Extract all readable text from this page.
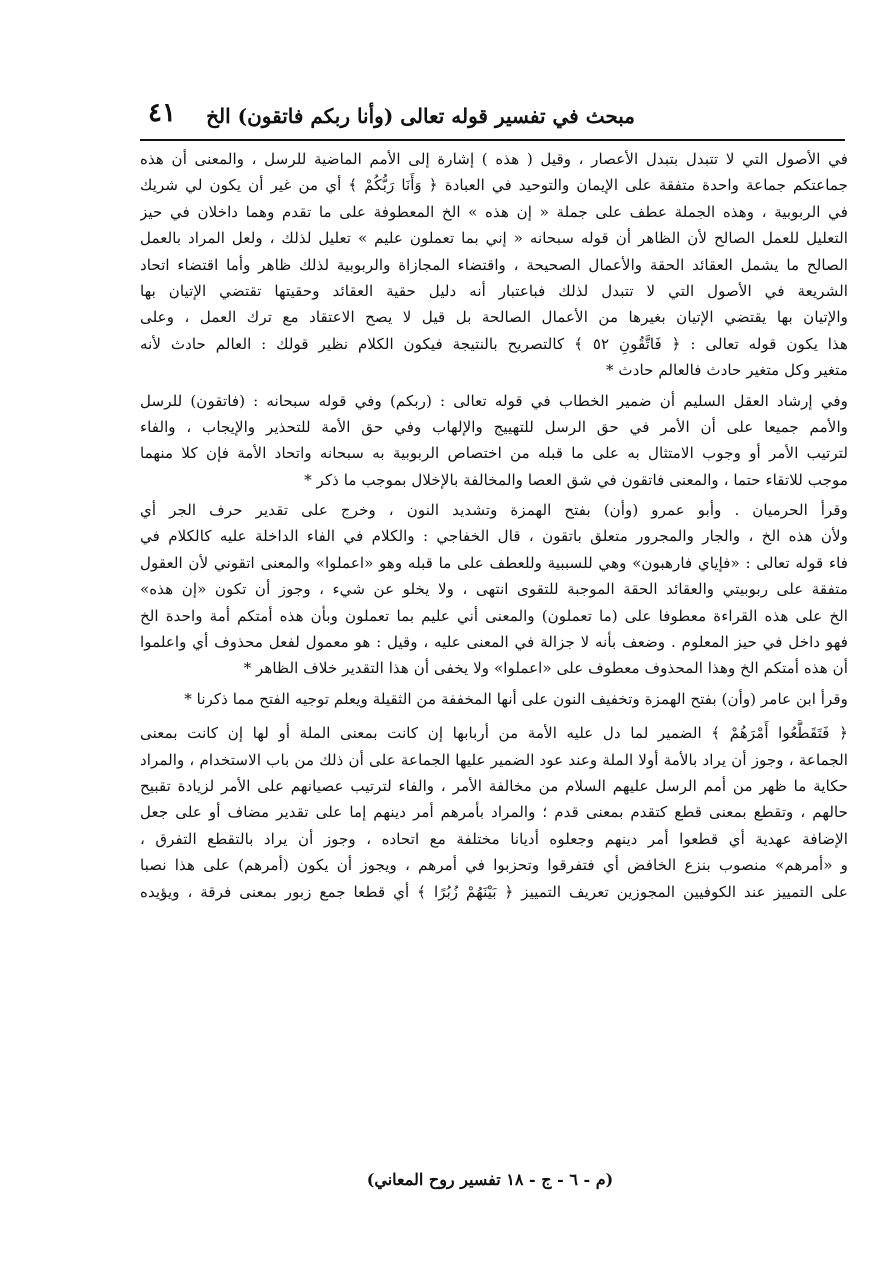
مبحث في تفسير قوله تعالى (وأنا ربكم فاتقون) الخ
٤١
في الأصول التي لا تتبدل بتبدل الأعصار ، وقيل ( هذه ) إشارة إلى الأمم الماضية للرسل ، والمعنى أن هذه
جماعتكم جماعة واحدة متفقة على الإيمان والتوحيد في العبادة ﴿ وَأَنَا رَبُّكُمْ ﴾ أي من غير أن يكون لي شريك
في الربوبية ، وهذه الجملة عطف على جملة « إن هذه » الخ المعطوفة على ما تقدم وهما داخلان في حيز
التعليل للعمل الصالح لأن الظاهر أن قوله سبحانه « إني بما تعملون عليم » تعليل لذلك ، ولعل المراد بالعمل
الصالح ما يشمل العقائد الحقة والأعمال الصحيحة ، واقتضاء المجازاة والربوبية لذلك ظاهر وأما اقتضاء اتحاد
الشريعة في الأصول التي لا تتبدل لذلك فباعتبار أنه دليل حقية العقائد وحقيتها تقتضي الإتيان بها
والإتيان بها يقتضي الإتيان بغيرها من الأعمال الصالحة بل قيل لا يصح الاعتقاد مع ترك العمل ، وعلى
هذا يكون قوله تعالى : ﴿ فَاتَّقُونِ ٥٢ ﴾ كالتصريح بالنتيجة فيكون الكلام نظير قولك : العالم حادث لأنه
متغير وكل متغير حادث فالعالم حادث *
وفي إرشاد العقل السليم أن ضمير الخطاب في قوله تعالى : (ربكم) وفي قوله سبحانه : (فاتقون) للرسل
والأمم جميعا على أن الأمر في حق الرسل للتهييج والإلهاب وفي حق الأمة للتحذير والإيجاب ، والفاء
لترتيب الأمر أو وجوب الامتثال به على ما قبله من اختصاص الربوبية به سبحانه واتحاد الأمة فإن كلا منهما
موجب للاتقاء حتما ، والمعنى فاتقون في شق العصا والمخالفة بالإخلال بموجب ما ذكر *
وقرأ الحرميان . وأبو عمرو (وأن) بفتح الهمزة وتشديد النون ، وخرج على تقدير حرف الجر أي
ولأن هذه الخ ، والجار والمجرور متعلق باتقون ، قال الخفاجي : والكلام في الفاء الداخلة عليه كالكلام في
فاء قوله تعالى : «فإياي فارهبون» وهي للسببية وللعطف على ما قبله وهو «اعملوا» والمعنى اتقوني لأن العقول
متفقة على ربوبيتي والعقائد الحقة الموجبة للتقوى انتهى ، ولا يخلو عن شيء ، وجوز أن تكون «إن هذه»
الخ على هذه القراءة معطوفا على (ما تعملون) والمعنى أني عليم بما تعملون وبأن هذه أمتكم أمة واحدة الخ
فهو داخل في حيز المعلوم . وضعف بأنه لا جزالة في المعنى عليه ، وقيل : هو معمول لفعل محذوف أي واعلموا
أن هذه أمتكم الخ وهذا المحذوف معطوف على «اعملوا» ولا يخفى أن هذا التقدير خلاف الظاهر *
وقرأ ابن عامر (وأن) بفتح الهمزة وتخفيف النون على أنها المخففة من الثقيلة ويعلم توجيه الفتح مما ذكرنا *
﴿ فَتَقَطَّعُوا أَمْرَهُمْ ﴾ الضمير لما دل عليه الأمة من أربابها إن كانت بمعنى الملة أو لها إن كانت بمعنى
الجماعة ، وجوز أن يراد بالأمة أولا الملة وعند عود الضمير عليها الجماعة على أن ذلك من باب الاستخدام ، والمراد
حكاية ما ظهر من أمم الرسل عليهم السلام من مخالفة الأمر ، والفاء لترتيب عصيانهم على الأمر لزيادة تقبيح
حالهم ، وتقطع بمعنى قطع كتقدم بمعنى قدم ؛ والمراد بأمرهم أمر دينهم إما على تقدير مضاف أو على جعل
الإضافة عهدية أي قطعوا أمر دينهم وجعلوه أديانا مختلفة مع اتحاده ، وجوز أن يراد بالتقطع التفرق ،
و «أمرهم» منصوب بنزع الخافض أي فتفرقوا وتحزبوا في أمرهم ، ويجوز أن يكون (أمرهم) على هذا نصبا
على التمييز عند الكوفيين المجوزين تعريف التمييز ﴿ بَيْنَهُمْ زُبُرًا ﴾ أي قطعا جمع زبور بمعنى فرقة ، ويؤيده
(م - ٦ - ج - ١٨ تفسير روح المعاني)
